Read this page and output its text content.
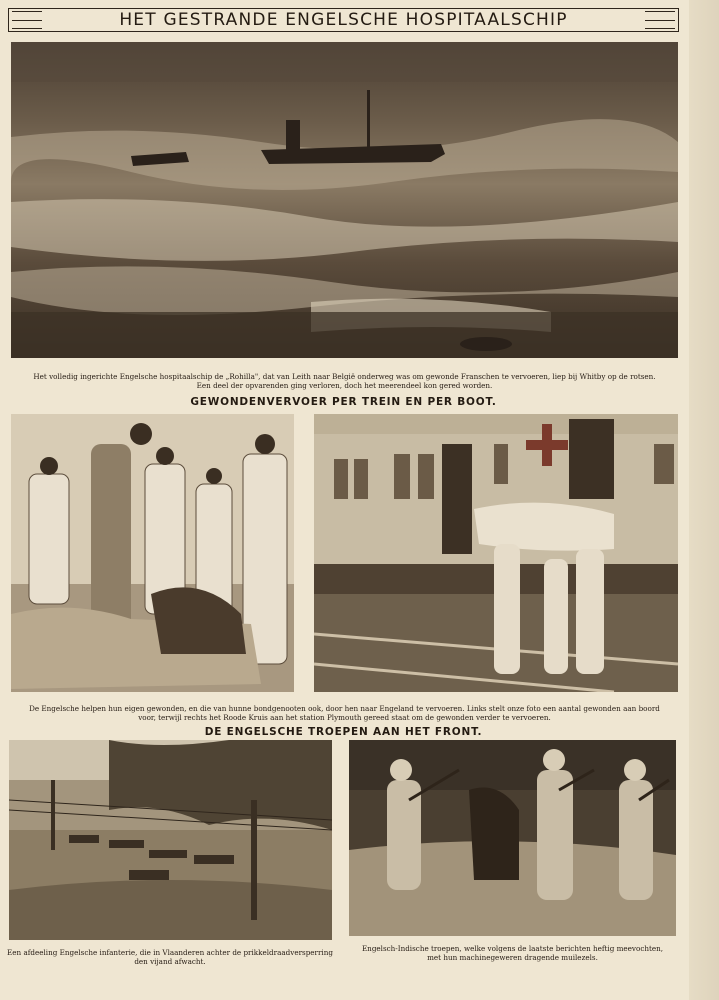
HET GESTRANDE ENGELSCHE HOSPITAALSCHIP
Het volledig ingerichte Engelsche hospitaalschip de „Rohilla", dat van Leith naar België onderweg was om gewonde Franschen te vervoeren, liep bij Whitby op de rotsen.
Een deel der opvarenden ging verloren, doch het meerendeel kon gered worden.
GEWONDENVERVOER PER TREIN EN PER BOOT.
De Engelsche helpen hun eigen gewonden, en die van hunne bondgenooten ook, door hen naar Engeland te vervoeren. Links stelt onze foto een aantal gewonden aan boord
voor, terwijl rechts het Roode Kruis aan het station Plymouth gereed staat om de gewonden verder te vervoeren.
DE ENGELSCHE TROEPEN AAN HET FRONT.
Een afdeeling Engelsche infanterie, die in Vlaanderen achter de prikkeldraadversperring
den vijand afwacht.
Engelsch-Indische troepen, welke volgens de laatste berichten heftig meevochten,
met hun machinegeweren dragende muilezels.
